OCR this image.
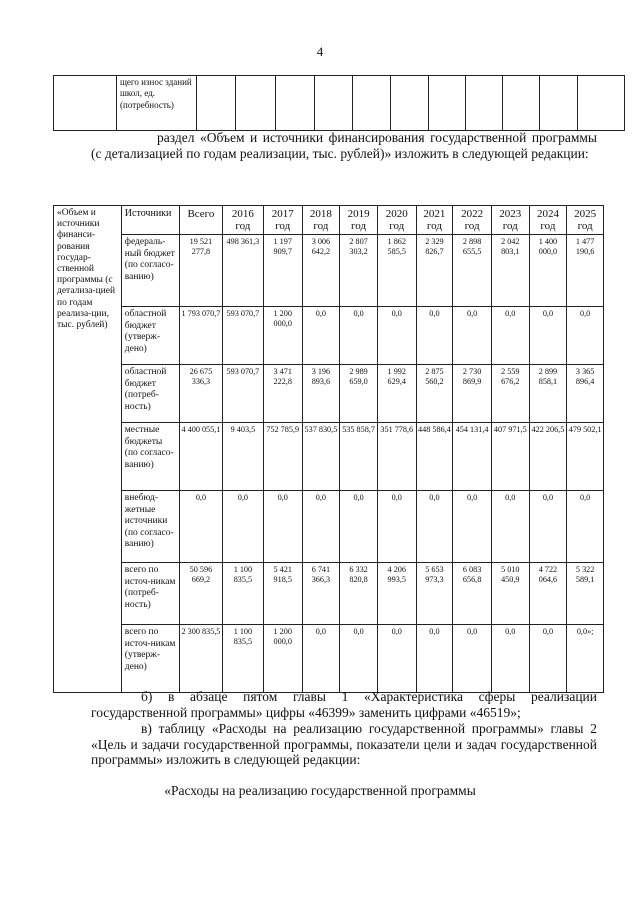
4
	щего износ зданий школ, ед. (потребность)											
раздел «Объем и источники финансирования государственной программы (с детализацией по годам реализации, тыс. рублей)» изложить в следующей редакции:
«Объем и источники финанси-рования государ-ственной программы (с детализа-цией по годам реализа-ции, тыс. рублей)	Источники	Всего	2016 год	2017 год	2018 год	2019 год	2020 год	2021 год	2022 год	2023 год	2024 год	2025 год
	федераль-ный бюджет (по согласо-ванию)	19 521 277,8	498 361,3	1 197 909,7	3 006 642,2	2 807 303,2	1 862 585,5	2 329 826,7	2 898 655,5	2 042 803,1	1 400 000,0	1 477 190,6
	областной бюджет (утверж-дено)	1 793 070,7	593 070,7	1 200 000,0	0,0	0,0	0,0	0,0	0,0	0,0	0,0	0,0
	областной бюджет (потреб-ность)	26 675 336,3	593 070,7	3 471 222,8	3 196 893,6	2 989 659,0	1 992 629,4	2 875 560,2	2 730 869,9	2 559 676,2	2 899 858,1	3 365 896,4
	местные бюджеты (по согласо-ванию)	4 400 055,1	9 403,5	752 785,9	537 830,5	535 858,7	351 778,6	448 586,4	454 131,4	407 971,5	422 206,5	479 502,1
	внебюд-жетные источники (по согласо-ванию)	0,0	0,0	0,0	0,0	0,0	0,0	0,0	0,0	0,0	0,0	0,0
	всего по источ-никам (потреб-ность)	50 596 669,2	1 100 835,5	5 421 918,5	6 741 366,3	6 332 820,8	4 206 993,5	5 653 973,3	6 083 656,8	5 010 450,9	4 722 064,6	5 322 589,1
	всего по источ-никам (утверж-дено)	2 300 835,5	1 100 835,5	1 200 000,0	0,0	0,0	0,0	0,0	0,0	0,0	0,0	0,0»;
б) в абзаце пятом главы 1 «Характеристика сферы реализации государственной программы» цифры «46399» заменить цифрами «46519»;
в) таблицу «Расходы на реализацию государственной программы» главы 2 «Цель и задачи государственной программы, показатели цели и задач государственной программы» изложить в следующей редакции:
«Расходы на реализацию государственной программы
